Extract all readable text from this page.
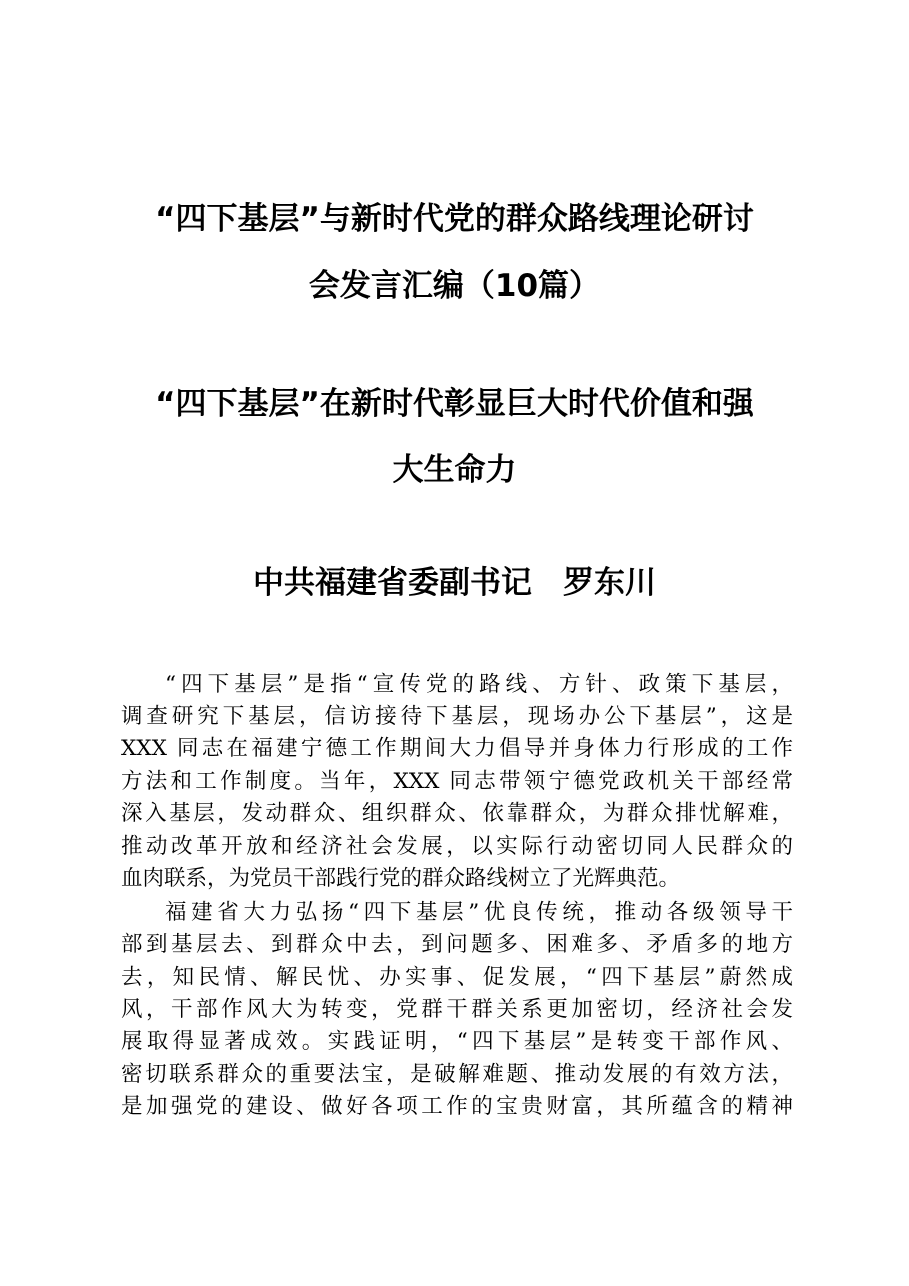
“四下基层”与新时代党的群众路线理论研讨
会发言汇编（10篇）
“四下基层”在新时代彰显巨大时代价值和强
大生命力
中共福建省委副书记　罗东川
“四下基层”是指“宣传党的路线、方针、政策下基层，
调查研究下基层，信访接待下基层，现场办公下基层”，这是
XXX 同志在福建宁德工作期间大力倡导并身体力行形成的工作
方法和工作制度。当年，XXX 同志带领宁德党政机关干部经常
深入基层，发动群众、组织群众、依靠群众，为群众排忧解难，
推动改革开放和经济社会发展，以实际行动密切同人民群众的
血肉联系，为党员干部践行党的群众路线树立了光辉典范。
福建省大力弘扬“四下基层”优良传统，推动各级领导干
部到基层去、到群众中去，到问题多、困难多、矛盾多的地方
去，知民情、解民忧、办实事、促发展，“四下基层”蔚然成
风，干部作风大为转变，党群干群关系更加密切，经济社会发
展取得显著成效。实践证明，“四下基层”是转变干部作风、
密切联系群众的重要法宝，是破解难题、推动发展的有效方法，
是加强党的建设、做好各项工作的宝贵财富，其所蕴含的精神
